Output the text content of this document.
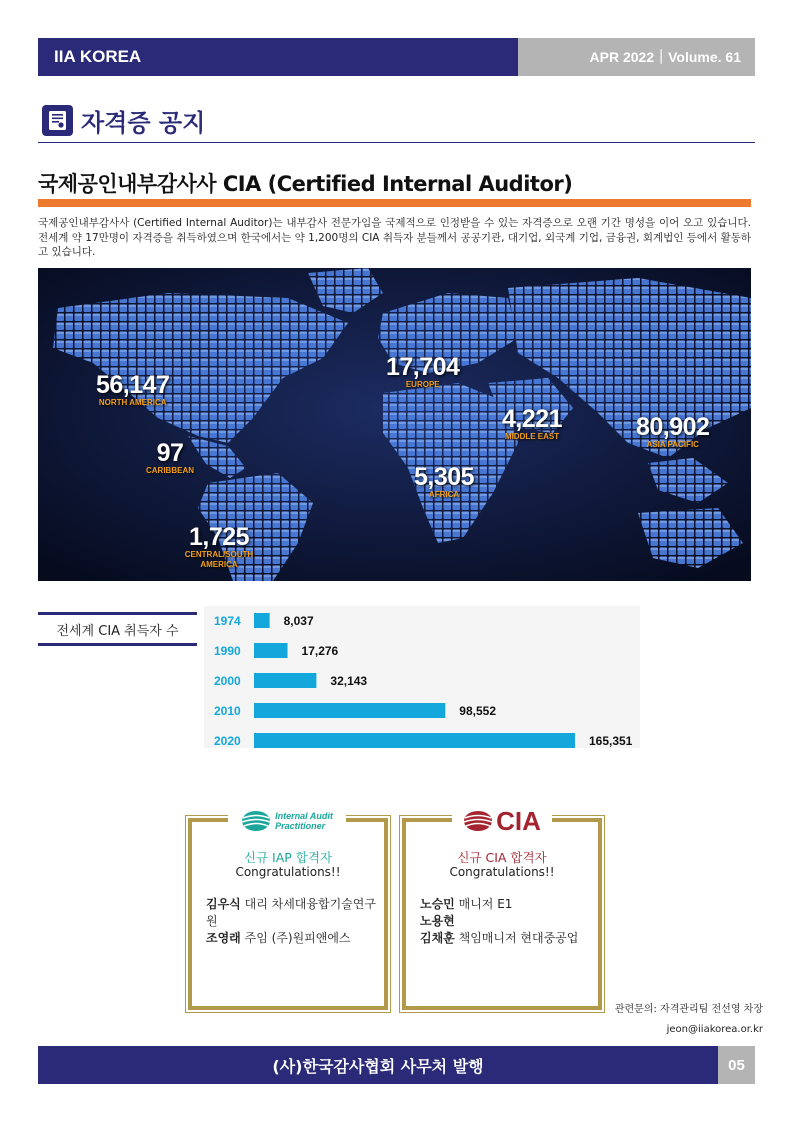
IIA KOREA	APR 2022｜Volume. 61
자격증 공지
국제공인내부감사사 CIA (Certified Internal Auditor)

국제공인내부감사사 (Certified Internal Auditor)는 내부감사 전문가임을 국제적으로 인정받을 수 있는 자격증으로 오랜 기간 명성을 이어 오고 있습니다. 전세계 약 17만명이 자격증을 취득하였으며 한국에서는 약 1,200명의 CIA 취득자 분들께서 공공기관, 대기업, 외국계 기업, 금융권, 회계법인 등에서 활동하고 있습니다.

56,147
NORTH AMERICA
97
CARIBBEAN
1,725
CENTRAL/SOUTH AMERICA
17,704
EUROPE
4,221
MIDDLE EAST
5,305
AFRICA
80,902
ASIA PACIFIC
전세계 CIA 취득자 수
1974	8,037
1990	17,276
2000	32,143
2010	98,552
2020	165,351
Internal Audit
Practitioner
신규 IAP 합격자
Congratulations!!
김우식 대리 차세대융합기술연구원
조영래 주임 (주)원피앤에스
CIA
신규 CIA 합격자
Congratulations!!
노승민 매니저 E1
노용현
김채훈 책임매니저 현대중공업
관련문의: 자격관리팀 전선영 차장
jeon@iiakorea.or.kr
(사)한국감사협회 사무처 발행	05
